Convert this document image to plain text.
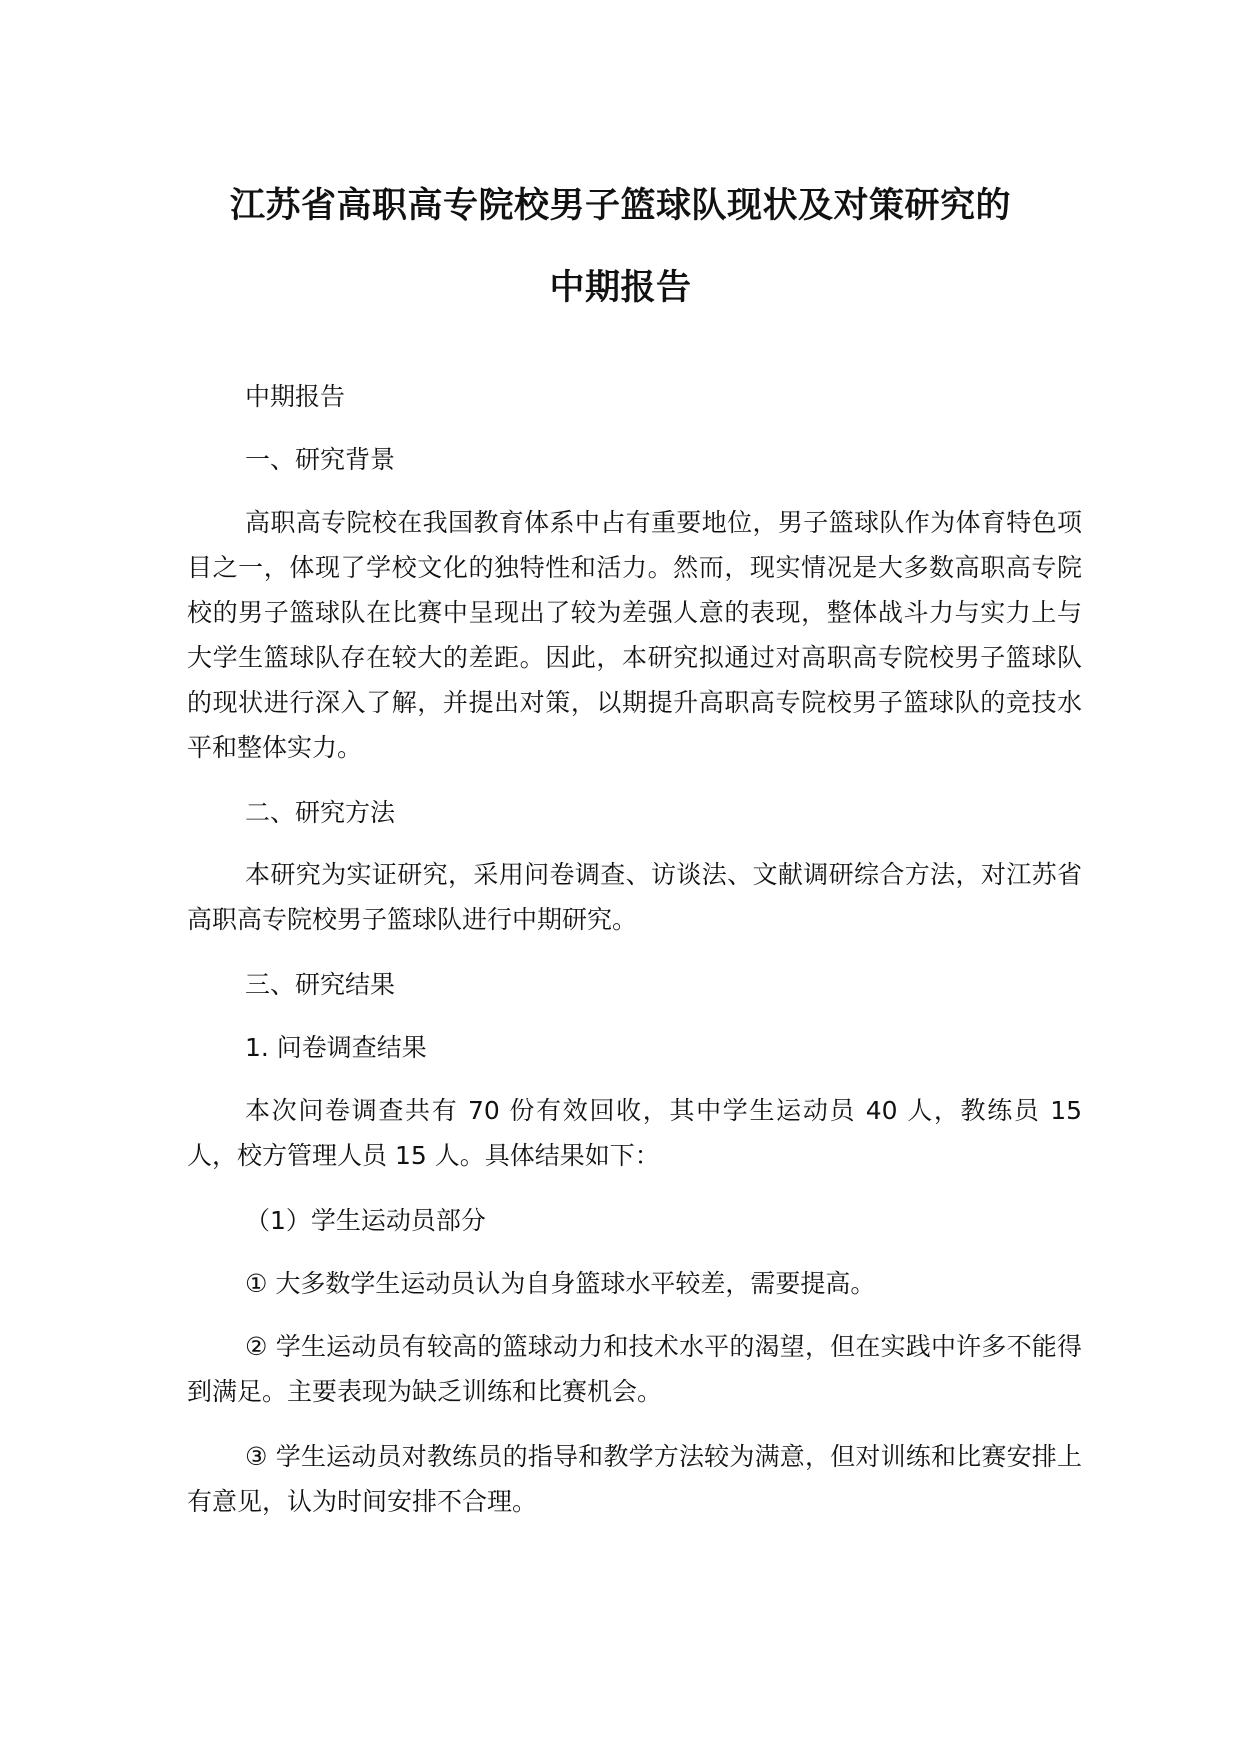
江苏省高职高专院校男子篮球队现状及对策研究的
中期报告

中期报告

一、研究背景

高职高专院校在我国教育体系中占有重要地位，男子篮球队作为体育特色项目之一，体现了学校文化的独特性和活力。然而，现实情况是大多数高职高专院校的男子篮球队在比赛中呈现出了较为差强人意的表现，整体战斗力与实力上与大学生篮球队存在较大的差距。因此，本研究拟通过对高职高专院校男子篮球队的现状进行深入了解，并提出对策，以期提升高职高专院校男子篮球队的竞技水平和整体实力。

二、研究方法

本研究为实证研究，采用问卷调查、访谈法、文献调研综合方法，对江苏省高职高专院校男子篮球队进行中期研究。

三、研究结果

1. 问卷调查结果

本次问卷调查共有 70 份有效回收，其中学生运动员 40 人，教练员 15 人，校方管理人员 15 人。具体结果如下：

（1）学生运动员部分

① 大多数学生运动员认为自身篮球水平较差，需要提高。

② 学生运动员有较高的篮球动力和技术水平的渴望，但在实践中许多不能得到满足。主要表现为缺乏训练和比赛机会。

③ 学生运动员对教练员的指导和教学方法较为满意，但对训练和比赛安排上有意见，认为时间安排不合理。
